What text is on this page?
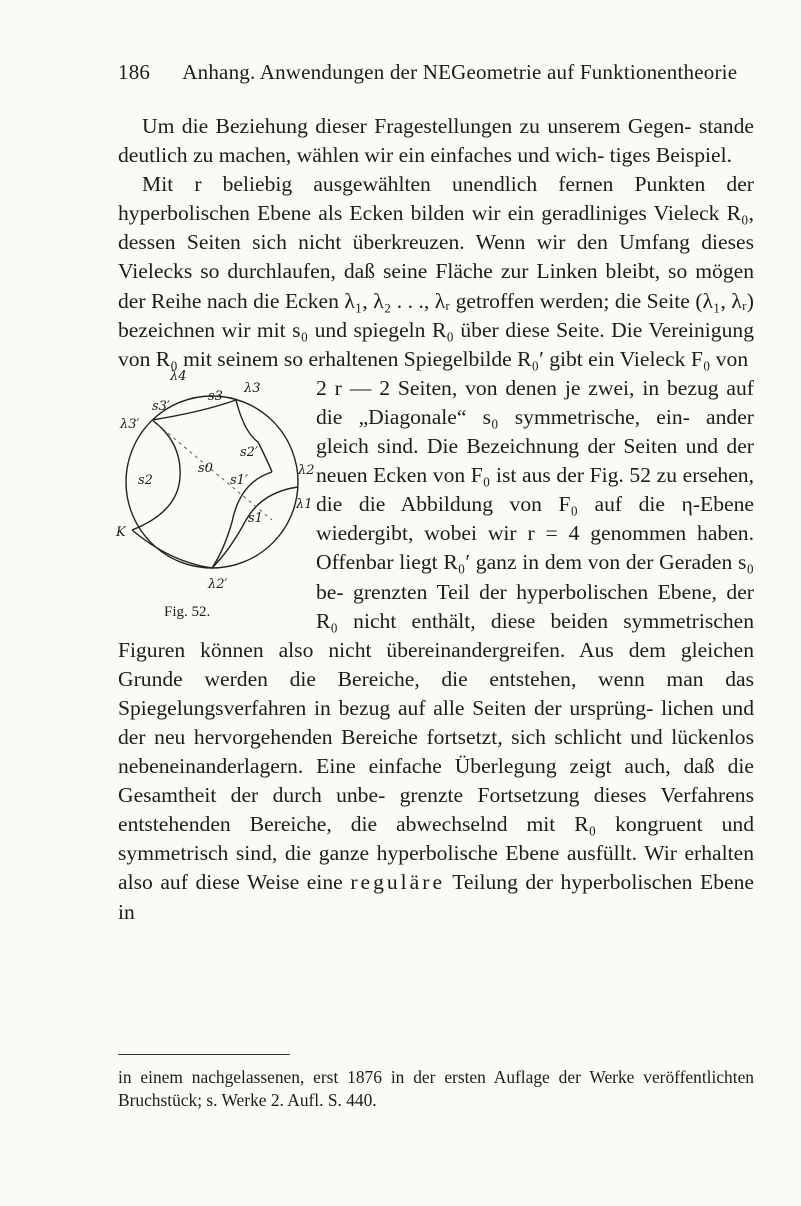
186 Anhang. Anwendungen der NEGeometrie auf Funktionentheorie

Um die Beziehung dieser Fragestellungen zu unserem Gegen- stande deutlich zu machen, wählen wir ein einfaches und wich- tiges Beispiel.

Mit r beliebig ausgewählten unendlich fernen Punkten der hyperbolischen Ebene als Ecken bilden wir ein geradliniges Vieleck R₀, dessen Seiten sich nicht überkreuzen. Wenn wir den Umfang dieses Vielecks so durchlaufen, daß seine Fläche zur Linken bleibt, so mögen der Reihe nach die Ecken λ₁, λ₂ . . ., λᵣ getroffen werden; die Seite (λ₁, λᵣ) bezeichnen wir mit s₀ und spiegeln R₀ über diese Seite. Die Vereinigung von R₀ mit seinem so erhaltenen Spiegelbilde R₀′ gibt ein Vieleck F₀ von

λ4
λ3
λ3′
λ2
λ1
λ2′
s3
s3′
s0
s2′
s2	s1′
s1
K
Fig. 52.

2 r — 2 Seiten, von denen je zwei, in bezug auf die „Diagonale“ s₀ symmetrische, ein- ander gleich sind. Die Bezeichnung der Seiten und der neuen Ecken von F₀ ist aus der Fig. 52 zu ersehen, die die Abbildung von F₀ auf die η-Ebene wiedergibt, wobei wir r = 4 genommen haben. Offenbar liegt R₀′ ganz in dem von der Geraden s₀ be- grenzten Teil der hyperbolischen Ebene, der R₀ nicht enthält, diese beiden symmetrischen Figuren können also nicht übereinandergreifen. Aus dem gleichen Grunde werden die Bereiche, die entstehen, wenn man das Spiegelungsverfahren in bezug auf alle Seiten der ursprüng- lichen und der neu hervorgehenden Bereiche fortsetzt, sich schlicht und lückenlos nebeneinanderlagern. Eine einfache Überlegung zeigt auch, daß die Gesamtheit der durch unbe- grenzte Fortsetzung dieses Verfahrens entstehenden Bereiche, die abwechselnd mit R₀ kongruent und symmetrisch sind, die ganze hyperbolische Ebene ausfüllt. Wir erhalten also auf diese Weise eine reguläre Teilung der hyperbolischen Ebene in

in einem nachgelassenen, erst 1876 in der ersten Auflage der Werke veröffentlichten Bruchstück; s. Werke 2. Aufl. S. 440.
